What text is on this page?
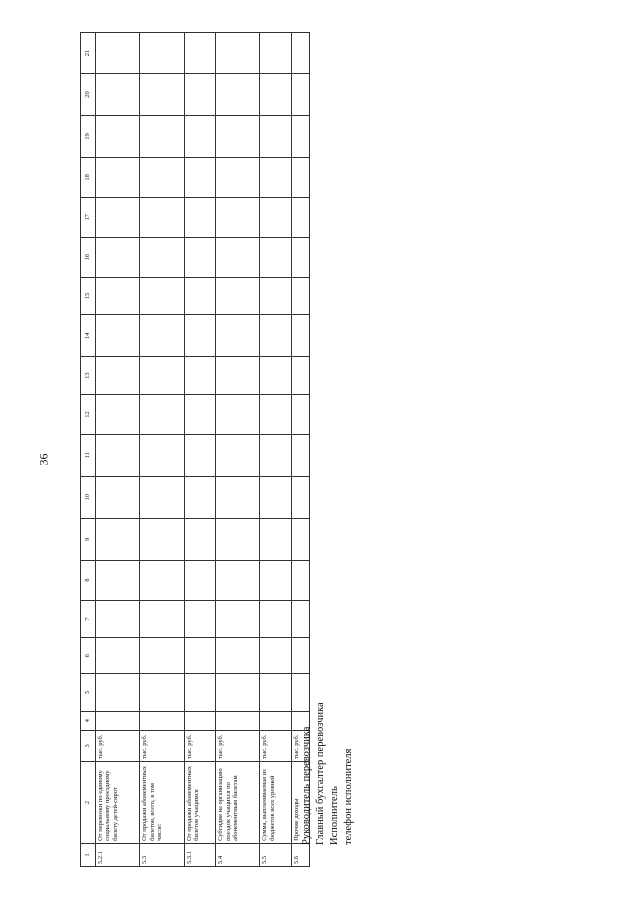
36
1	2	3	4	5	6	7	8	9	10	11	12	13	14	15	16	17	18	19	20	21
5.2.1	От перевозки по единому социальному проездному билету детей-сирот	тыс. руб.																		
5.3	От продажи абонементных билетов, всего, в том числе:	тыс. руб.																		
5.3.1	От продажи абонементных билетов учащимся	тыс. руб.																		
5.4	Субсидия на организацию поездок учащихся по абонементным билетам	тыс. руб.																		
5.5	Сумма, выплачиваемая из бюджетов всех уровней	тыс. руб.																		
5.6	Прочие доходы	тыс. руб.																		Руководитель перевозчика Главный бухгалтер перевозчика Исполнитель телефон исполнителя
